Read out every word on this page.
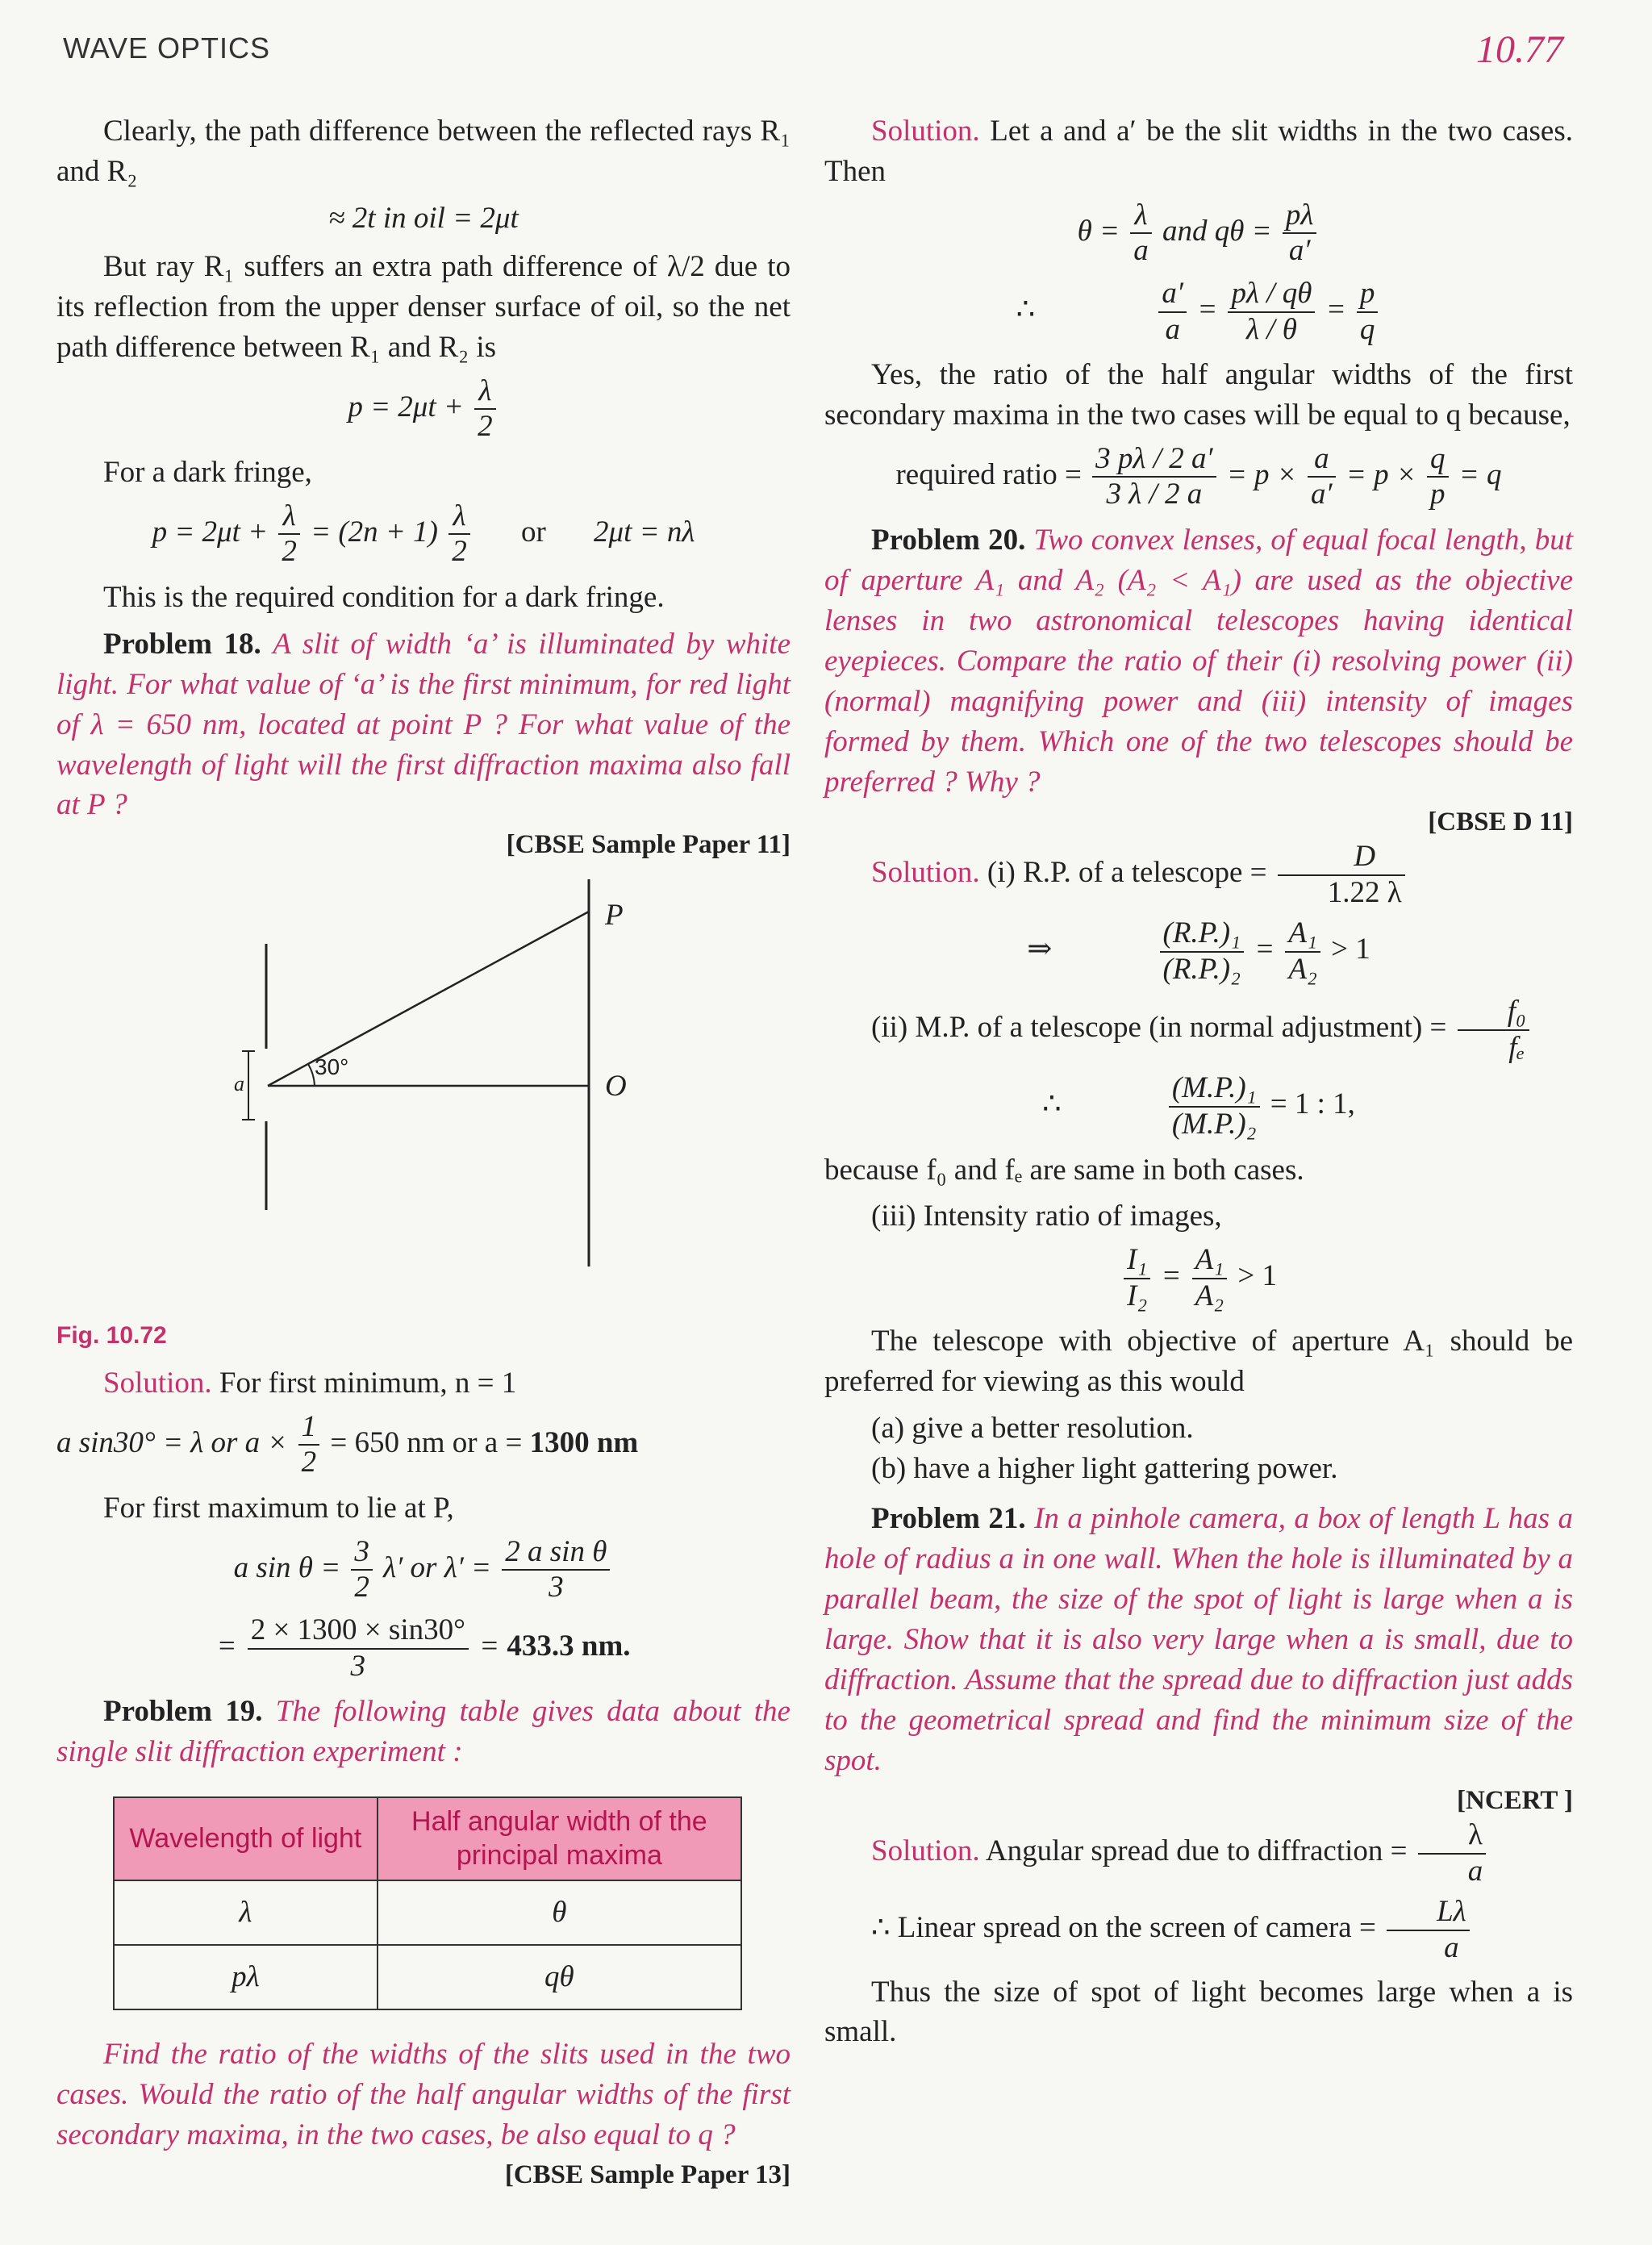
WAVE OPTICS	10.77

Clearly, the path difference between the reflected rays R₁ and R₂

≈ 2t in oil = 2μt

But ray R₁ suffers an extra path difference of λ/2 due to its reflection from the upper denser surface of oil, so the net path difference between R₁ and R₂ is

$p = 2\mu t + \frac{\lambda}{2}$

For a dark fringe,

$p = 2\mu t + \frac{\lambda}{2} = (2n + 1) \frac{\lambda}{2}$ or 2μt = nλ

This is the required condition for a dark fringe.

Problem 18. A slit of width ‘a’ is illuminated by white light. For what value of ‘a’ is the first minimum, for red light of λ = 650 nm, located at point P ? For what value of the wavelength of light will the first diffraction maxima also fall at P ?

[CBSE Sample Paper 11]
P
O
30°
a
Fig. 10.72

Solution. For first minimum, n = 1

a sin30° = λ or $a \times \frac{1}{2} = 650$ nm or a = 1300 nm

For first maximum to lie at P,

a $\sin \theta = \frac{3}{2} \lambda'$ or $\lambda' = \frac{\text{2 a sin θ}}{3}$
= $\frac{2 \times 1300 \times \sin 30^\circ}{3} = 433.3$ nm.

Problem 19. The following table gives data about the single slit diffraction experiment :

Wavelength of light	Half angular width of the principal maxima
λ	θ
pλ	qθ

Find the ratio of the widths of the slits used in the two cases. Would the ratio of the half angular widths of the first secondary maxima, in the two cases, be also equal to q ?

[CBSE Sample Paper 13]

Solution. Let a and a′ be the slit widths in the two cases. Then

$\theta = \frac{\lambda}{a}$ and $q\theta = \frac{p\lambda}{a'}$
∴	$\frac{a'}{a} = \frac{p\lambda / q\theta}{\lambda / \theta} = \frac{p}{q}$

Yes, the ratio of the half angular widths of the first secondary maxima in the two cases will be equal to q because,

required ratio = $\frac{3 p\lambda / 2 a'}{3 \lambda / 2 a} = p \times \frac{a}{a'} = p \times \frac{q}{p} = q$

Problem 20. Two convex lenses, of equal focal length, but of aperture A₁ and A₂ (A₂ < A₁) are used as the objective lenses in two astronomical telescopes having identical eyepieces. Compare the ratio of their (i) resolving power (ii) (normal) magnifying power and (iii) intensity of images formed by them. Which one of the two telescopes should be preferred ? Why ?

[CBSE D 11]

Solution. (i) R.P. of a telescope = $\frac{D}{1.22 \lambda}$

⇒	$\frac{\text{(R.P.)₁}}{\text{(R.P.)₂}} = \frac{\text{A₁}}{\text{A₂}} > 1$

(ii) M.P. of a telescope (in normal adjustment) = $\frac{\text{f₀}}{\text{fₑ}}$

∴	$\frac{\text{(M.P.)₁}}{\text{(M.P.)₂}} = 1$ : 1,

because f₀ and fₑ are same in both cases.

(iii) Intensity ratio of images,

$\frac{\text{I₁}}{\text{I₂}} = \frac{\text{A₁}}{\text{A₂}} > 1$

The telescope with objective of aperture A₁ should be preferred for viewing as this would

(a) give a better resolution.
(b) have a higher light gattering power.

Problem 21. In a pinhole camera, a box of length L has a hole of radius a in one wall. When the hole is illuminated by a parallel beam, the size of the spot of light is large when a is large. Show that it is also very large when a is small, due to diffraction. Assume that the spread due to diffraction just adds to the geometrical spread and find the minimum size of the spot.

[NCERT ]

Solution. Angular spread due to diffraction = $\frac{\lambda}{a}$

∴ Linear spread on the screen of camera = $\frac{L\lambda}{a}$

Thus the size of spot of light becomes large when a is small.
